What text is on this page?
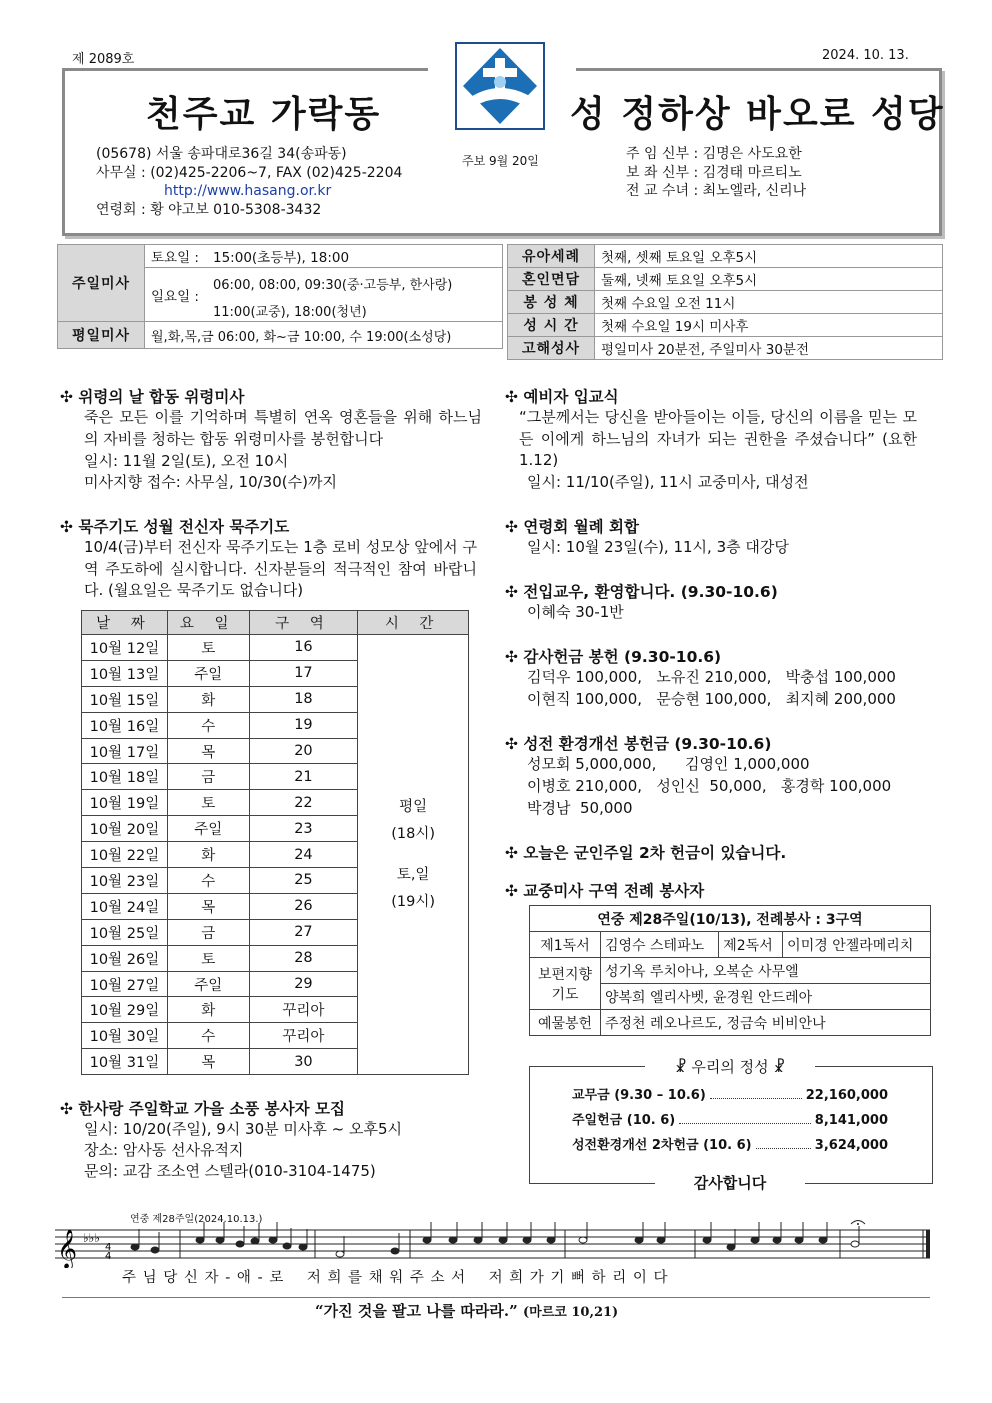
제 2089호	2024. 10. 13.
천주교 가락동	성 정하상 바오로 성당
(05678) 서울 송파대로36길 34(송파동)
사무실 : (02)425-2206~7, FAX (02)425-2204
http://www.hasang.or.kr
연령회 : 황 야고보 010-5308-3432
주보 9월 20일	주 임 신부 : 김명은 사도요한
보 좌 신부 : 김경태 마르티노
전 교 수녀 : 최노엘라, 신리나
주일미사	토요일 :	15:00(초등부), 18:00
	일요일 :	06:00, 08:00, 09:30(중·고등부, 한사랑)
		11:00(교중), 18:00(청년)
평일미사	월,화,목,금 06:00, 화~금 10:00, 수 19:00(소성당)	
유아세례	첫째, 셋째 토요일 오후5시
혼인면담	둘째, 넷째 토요일 오후5시
봉 성 체	첫째 수요일 오전 11시
성 시 간	첫째 수요일 19시 미사후
고해성사	평일미사 20분전, 주일미사 30분전
✣ 위령의 날 합동 위령미사
죽은 모든 이를 기억하며 특별히 연옥 영혼들을 위해 하느님의 자비를 청하는 합동 위령미사를 봉헌합니다
일시: 11월 2일(토), 오전 10시
미사지향 접수: 사무실, 10/30(수)까지
✣ 묵주기도 성월 전신자 묵주기도
10/4(금)부터 전신자 묵주기도는 1층 로비 성모상 앞에서 구역 주도하에 실시합니다. 신자분들의 적극적인 참여 바랍니다. (월요일은 묵주기도 없습니다)
날 짜	요 일	구 역	시 간
10월 12일	토	16	평일
(18시)
토,일
(19시)

10월 13일	주일	17	
10월 15일	화	18	
10월 16일	수	19	
10월 17일	목	20	
10월 18일	금	21	
10월 19일	토	22	
10월 20일	주일	23	
10월 22일	화	24	
10월 23일	수	25	
10월 24일	목	26	
10월 25일	금	27	
10월 26일	토	28	
10월 27일	주일	29	
10월 29일	화	꾸리아	
10월 30일	수	꾸리아	
10월 31일	목	30	
✣ 한사랑 주일학교 가을 소풍 봉사자 모집
일시: 10/20(주일), 9시 30분 미사후 ~ 오후5시
장소: 암사동 선사유적지
문의: 교감 조소연 스텔라(010-3104-1475)
✣ 예비자 입교식
“그분께서는 당신을 받아들이는 이들, 당신의 이름을 믿는 모든 이에게 하느님의 자녀가 되는 권한을 주셨습니다” (요한1.12)
일시: 11/10(주일), 11시 교중미사, 대성전
✣ 연령회 월례 회합
일시: 10월 23일(수), 11시, 3층 대강당
✣ 전입교우, 환영합니다. (9.30-10.6)
이혜숙 30-1반
✣ 감사헌금 봉헌 (9.30-10.6)
김덕우 100,000,   노유진 210,000,   박충섭 100,000
이현직 100,000,   문승현 100,000,   최지혜 200,000
✣ 성전 환경개선 봉헌금 (9.30-10.6)
성모회 5,000,000,      김영인 1,000,000
이병호 210,000,   성인신  50,000,   홍경학 100,000
박경남  50,000
✣ 오늘은 군인주일 2차 헌금이 있습니다.
✣ 교중미사 구역 전례 봉사자
연중 제28주일(10/13), 전례봉사 : 3구역			
제1독서	김영수 스테파노	제2독서	이미경 안젤라메리치
보편지향기도	성기옥 루치아나, 오복순 사무엘		
	양복희 엘리사벳, 윤경원 안드레아		
예물봉헌	주정천 레오나르도, 정금숙 비비안나		
☧ 우리의 정성 ☧
교무금 (9.30 – 10.6)	22,160,000
주일헌금 (10. 6)	8,141,000
성전환경개선 2차헌금 (10. 6)	3,624,000
감사합니다
연중 제28주일(2024.10.13.)
𝄞 ♭♭♭
4
4
주 님 당 신 자 - 애 - 로    저 희 를 채 워 주 소 서    저 희 가 기 뻐 하 리 이 다
“가진 것을 팔고 나를 따라라.” (마르코 10,21)
